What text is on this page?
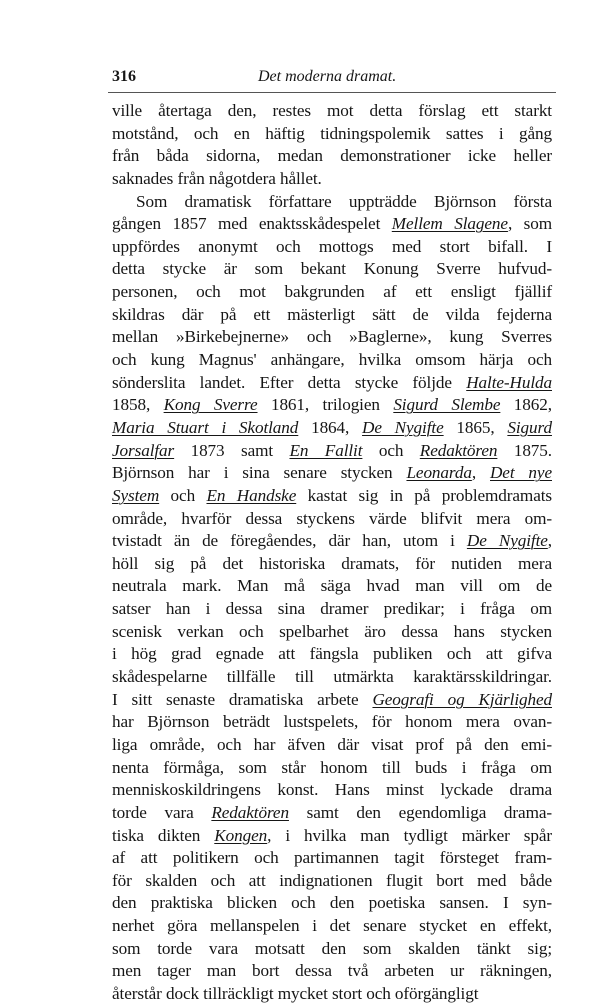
316	Det moderna dramat.
ville återtaga den, restes mot detta förslag ett starkt
motstånd, och en häftig tidningspolemik sattes i gång
från båda sidorna, medan demonstrationer icke heller
saknades från någotdera hållet.
Som dramatisk författare uppträdde Björnson första
gången 1857 med enaktsskådespelet Mellem Slagene, som
uppfördes anonymt och mottogs med stort bifall. I
detta stycke är som bekant Konung Sverre hufvud-
personen, och mot bakgrunden af ett ensligt fjällif
skildras där på ett mästerligt sätt de vilda fejderna
mellan »Birkebejnerne» och »Baglerne», kung Sverres
och kung Magnus' anhängare, hvilka omsom härja och
sönderslita landet. Efter detta stycke följde Halte-Hulda
1858, Kong Sverre 1861, trilogien Sigurd Slembe 1862,
Maria Stuart i Skotland 1864, De Nygifte 1865, Sigurd
Jorsalfar 1873 samt En Fallit och Redaktören 1875.
Björnson har i sina senare stycken Leonarda, Det nye
System och En Handske kastat sig in på problemdramats
område, hvarför dessa styckens värde blifvit mera om-
tvistadt än de föregåendes, där han, utom i De Nygifte,
höll sig på det historiska dramats, för nutiden mera
neutrala mark. Man må säga hvad man vill om de
satser han i dessa sina dramer predikar; i fråga om
scenisk verkan och spelbarhet äro dessa hans stycken
i hög grad egnade att fängsla publiken och att gifva
skådespelarne tillfälle till utmärkta karaktärsskildringar.
I sitt senaste dramatiska arbete Geografi og Kjärlighed
har Björnson beträdt lustspelets, för honom mera ovan-
liga område, och har äfven där visat prof på den emi-
nenta förmåga, som står honom till buds i fråga om
menniskoskildringens konst. Hans minst lyckade drama
torde vara Redaktören samt den egendomliga drama-
tiska dikten Kongen, i hvilka man tydligt märker spår
af att politikern och partimannen tagit försteget fram-
för skalden och att indignationen flugit bort med både
den praktiska blicken och den poetiska sansen. I syn-
nerhet göra mellanspelen i det senare stycket en effekt,
som torde vara motsatt den som skalden tänkt sig;
men tager man bort dessa två arbeten ur räkningen,
återstår dock tillräckligt mycket stort och oförgängligt
